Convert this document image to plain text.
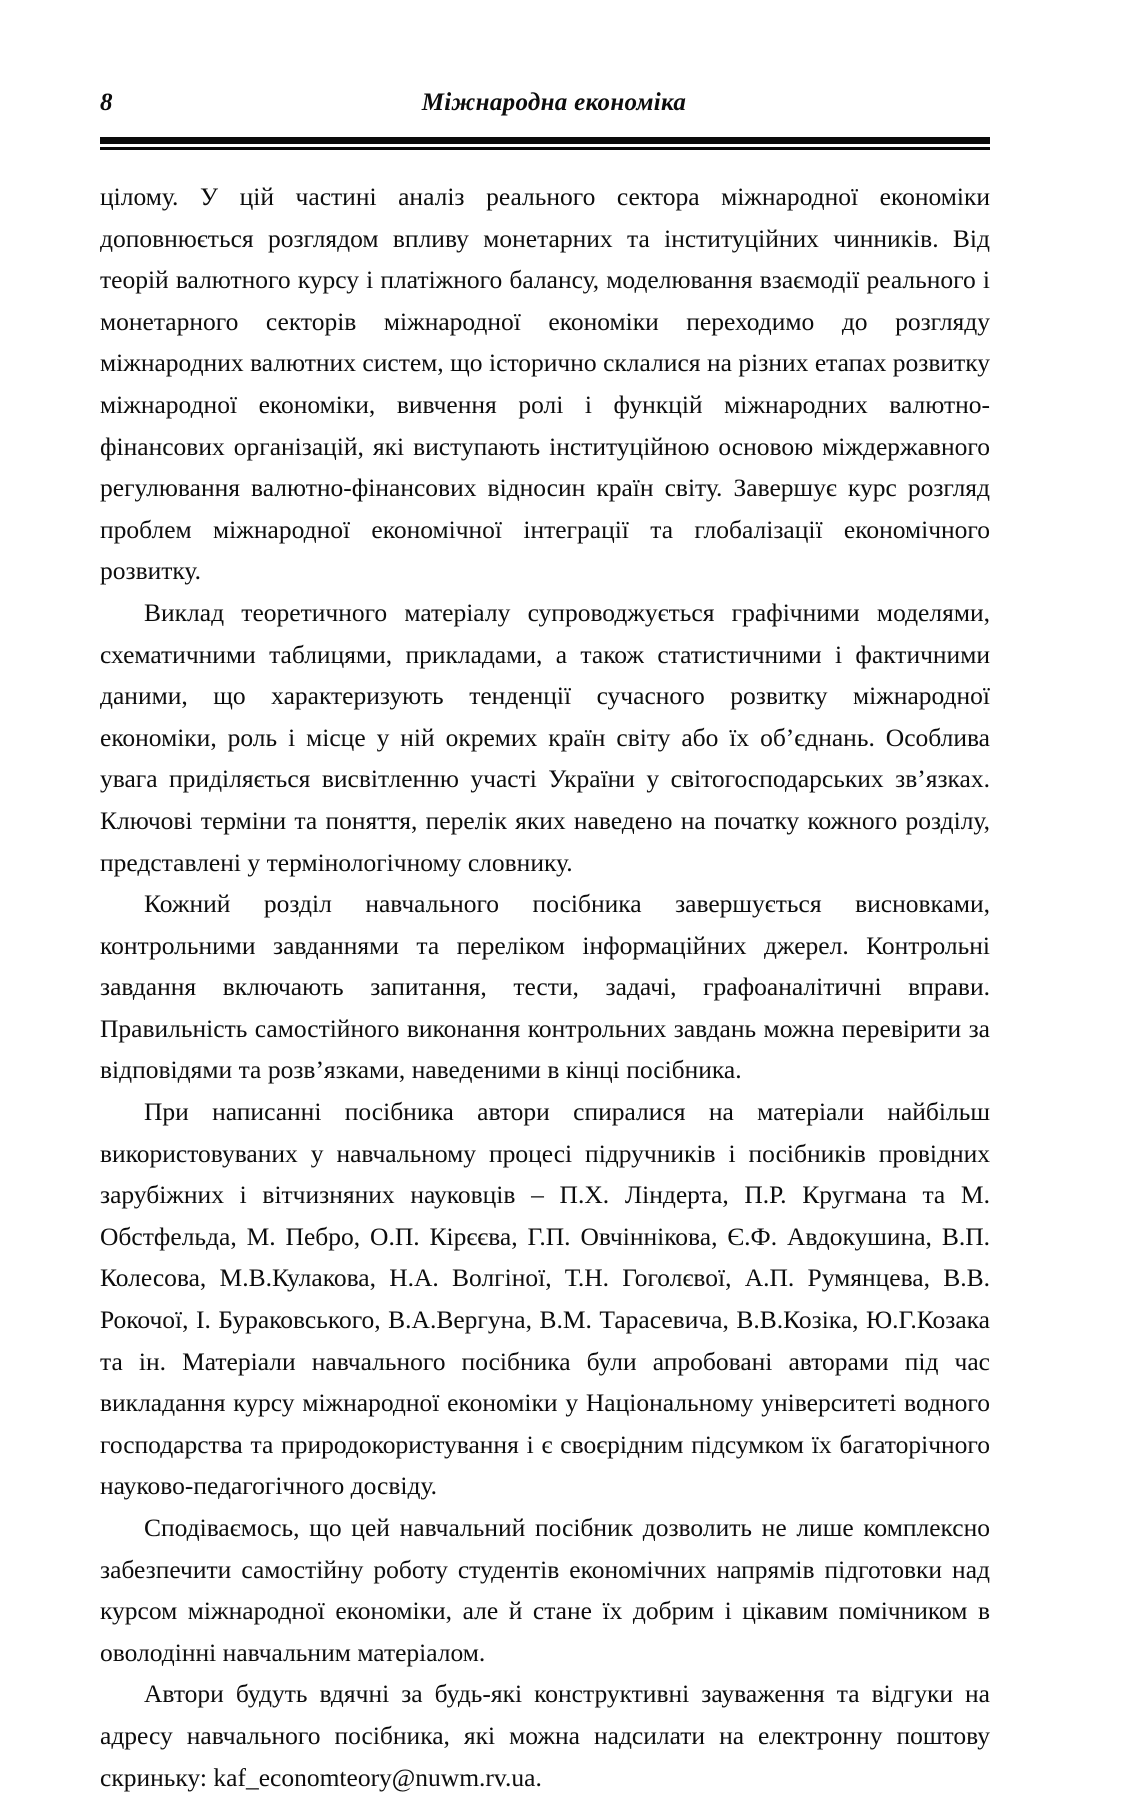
8	Міжнародна економіка

цілому. У цій частині аналіз реального сектора міжнародної економіки доповнюється розглядом впливу монетарних та інституційних чинників. Від теорій валютного курсу і платіжного балансу, моделювання взаємодії реального і монетарного секторів міжнародної економіки переходимо до розгляду міжнародних валютних систем, що історично склалися на різних етапах розвитку міжнародної економіки, вивчення ролі і функцій міжнародних валютно-фінансових організацій, які виступають інституційною основою міждержавного регулювання валютно-фінансових відносин країн світу. Завершує курс розгляд проблем міжнародної економічної інтеграції та глобалізації економічного розвитку.

Виклад теоретичного матеріалу супроводжується графічними моделями, схематичними таблицями, прикладами, а також статистичними і фактичними даними, що характеризують тенденції сучасного розвитку міжнародної економіки, роль і місце у ній окремих країн світу або їх об’єднань. Особлива увага приділяється висвітленню участі України у світогосподарських зв’язках. Ключові терміни та поняття, перелік яких наведено на початку кожного розділу, представлені у термінологічному словнику.

Кожний розділ навчального посібника завершується висновками, контрольними завданнями та переліком інформаційних джерел. Контрольні завдання включають запитання, тести, задачі, графоаналітичні вправи. Правильність самостійного виконання контрольних завдань можна перевірити за відповідями та розв’язками, наведеними в кінці посібника.

При написанні посібника автори спиралися на матеріали найбільш використовуваних у навчальному процесі підручників і посібників провідних зарубіжних і вітчизняних науковців – П.Х. Ліндерта, П.Р. Кругмана та М. Обстфельда, М. Пебро, О.П. Кірєєва, Г.П. Овчіннікова, Є.Ф. Авдокушина, В.П. Колесова, М.В.Кулакова, Н.А. Волгіної, Т.Н. Гоголєвої, А.П. Румянцева, В.В. Рокочої, І. Бураковського, В.А.Вергуна, В.М. Тарасевича, В.В.Козіка, Ю.Г.Козака та ін. Матеріали навчального посібника були апробовані авторами під час викладання курсу міжнародної економіки у Національному університеті водного господарства та природокористування і є своєрідним підсумком їх багаторічного науково-педагогічного досвіду.

Сподіваємось, що цей навчальний посібник дозволить не лише комплексно забезпечити самостійну роботу студентів економічних напрямів підготовки над курсом міжнародної економіки, але й стане їх добрим і цікавим помічником в оволодінні навчальним матеріалом.

Автори будуть вдячні за будь-які конструктивні зауваження та відгуки на адресу навчального посібника, які можна надсилати на електронну поштову скриньку: kaf_economteory@nuwm.rv.ua.
